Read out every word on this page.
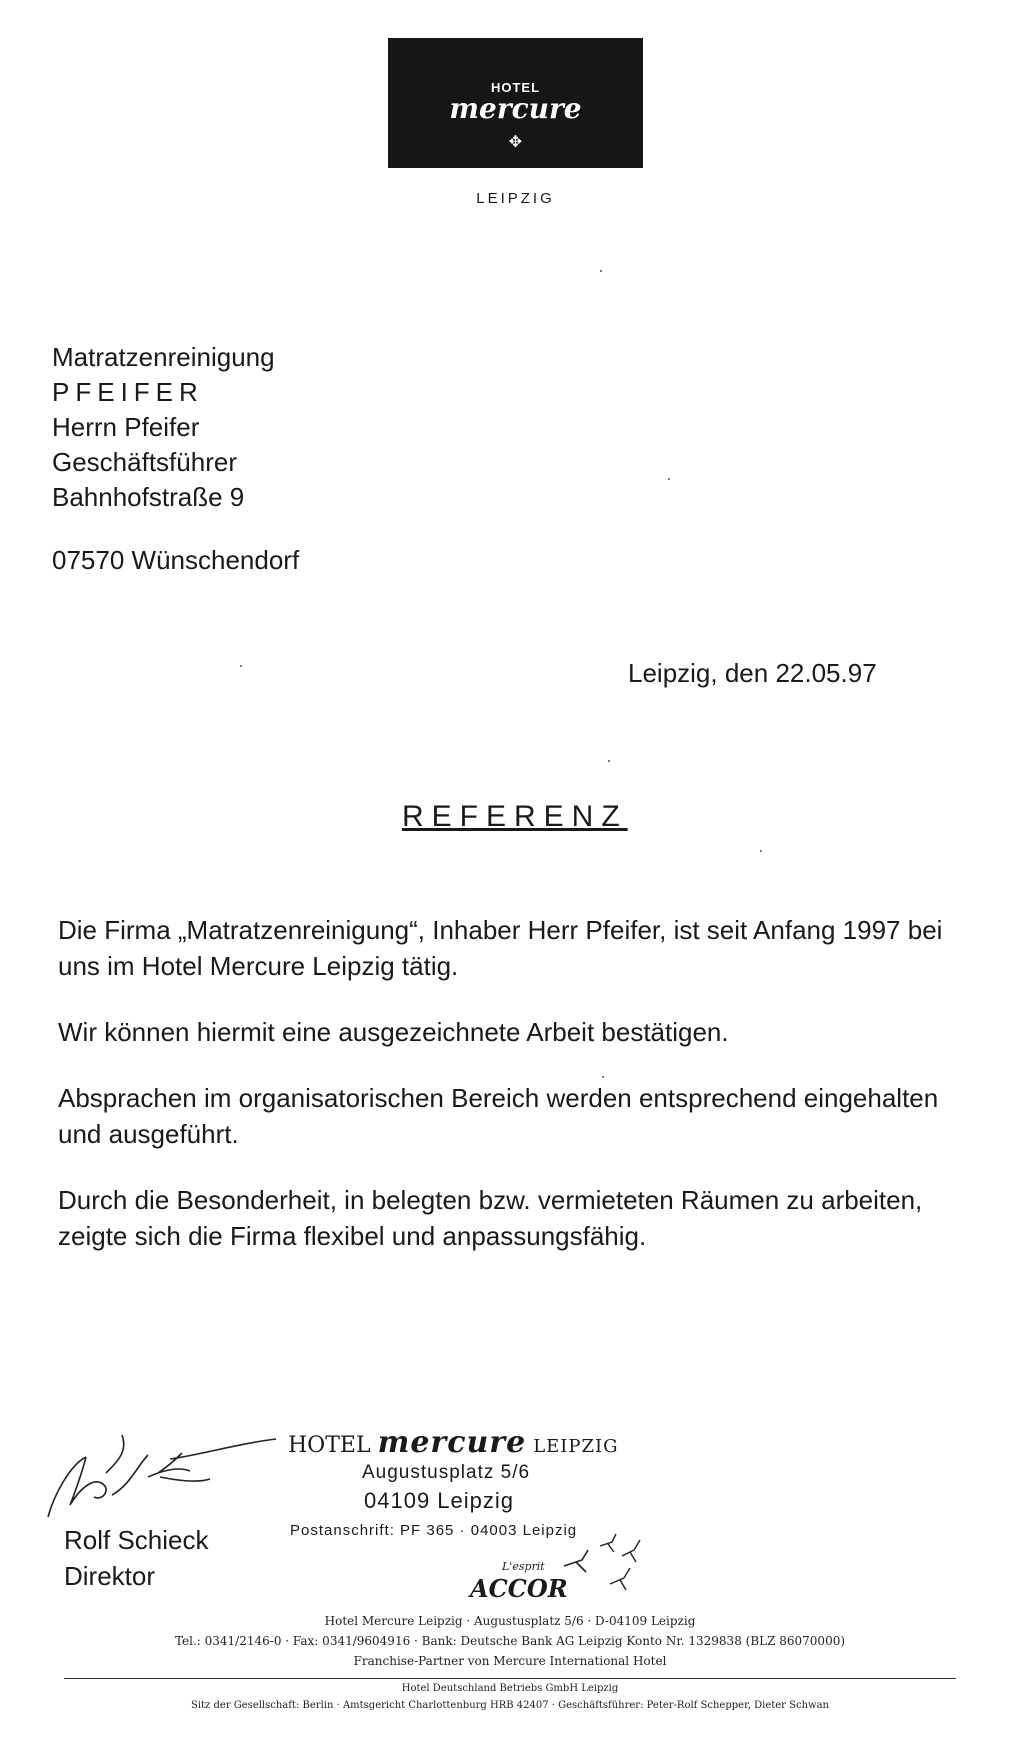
HOTEL
mercure
✥
LEIPZIG
Matratzenreinigung
PFEIFER
Herrn Pfeifer
Geschäftsführer
Bahnhofstraße 9
07570 Wünschendorf
Leipzig, den 22.05.97
REFERENZ

Die Firma „Matratzenreinigung“, Inhaber Herr Pfeifer, ist seit Anfang 1997 bei uns im Hotel Mercure Leipzig tätig.

Wir können hiermit eine ausgezeichnete Arbeit bestätigen.

Absprachen im organisatorischen Bereich werden entsprechend eingehalten und ausgeführt.

Durch die Besonderheit, in belegten bzw. vermieteten Räumen zu arbeiten, zeigte sich die Firma flexibel und anpassungsfähig.

Rolf Schieck
Direktor
HOTEL mercure LEIPZIG
Augustusplatz 5/6
04109 Leipzig
Postanschrift: PF 365 · 04003 Leipzig
L'esprit
ACCOR
Hotel Mercure Leipzig · Augustusplatz 5/6 · D-04109 Leipzig
Tel.: 0341/2146-0 · Fax: 0341/9604916 · Bank: Deutsche Bank AG Leipzig Konto Nr. 1329838 (BLZ 86070000)
Franchise-Partner von Mercure International Hotel
Hotel Deutschland Betriebs GmbH Leipzig
Sitz der Gesellschaft: Berlin · Amtsgericht Charlottenburg HRB 42407 · Geschäftsführer: Peter-Rolf Schepper, Dieter Schwan
